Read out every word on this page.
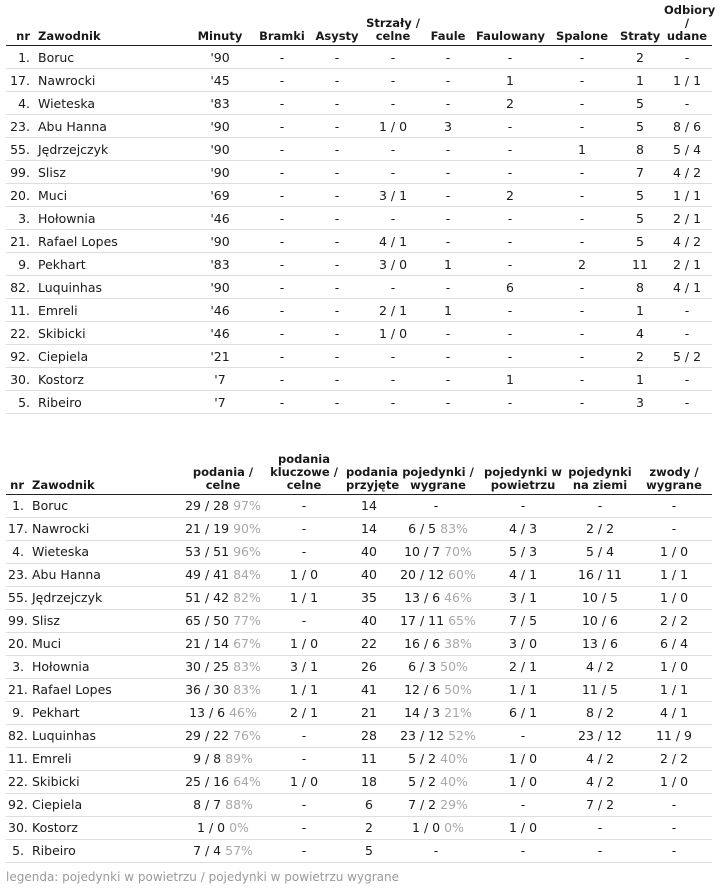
nr	Zawodnik	Minuty	Bramki	Asysty	Strzały / celne	Faule	Faulowany	Spalone	Straty	Odbiory / udane
1.	Boruc	'90	-	-	-	-	-	-	2	-
17.	Nawrocki	'45	-	-	-	-	1	-	1	1 / 1
4.	Wieteska	'83	-	-	-	-	2	-	5	-
23.	Abu Hanna	'90	-	-	1 / 0	3	-	-	5	8 / 6
55.	Jędrzejczyk	'90	-	-	-	-	-	1	8	5 / 4
99.	Slisz	'90	-	-	-	-	-	-	7	4 / 2
20.	Muci	'69	-	-	3 / 1	-	2	-	5	1 / 1
3.	Hołownia	'46	-	-	-	-	-	-	5	2 / 1
21.	Rafael Lopes	'90	-	-	4 / 1	-	-	-	5	4 / 2
9.	Pekhart	'83	-	-	3 / 0	1	-	2	11	2 / 1
82.	Luquinhas	'90	-	-	-	-	6	-	8	4 / 1
11.	Emreli	'46	-	-	2 / 1	1	-	-	1	-
22.	Skibicki	'46	-	-	1 / 0	-	-	-	4	-
92.	Ciepiela	'21	-	-	-	-	-	-	2	5 / 2
30.	Kostorz	'7	-	-	-	-	1	-	1	-
5.	Ribeiro	'7	-	-	-	-	-	-	3	-
nr	Zawodnik	podania / celne	podania kluczowe / celne	podania przyjęte	pojedynki / wygrane	pojedynki w powietrzu	pojedynki na ziemi	zwody / wygrane
1.	Boruc	29 / 28 97%	-	14	-	-	-	-
17.	Nawrocki	21 / 19 90%	-	14	6 / 5 83%	4 / 3	2 / 2	-
4.	Wieteska	53 / 51 96%	-	40	10 / 7 70%	5 / 3	5 / 4	1 / 0
23.	Abu Hanna	49 / 41 84%	1 / 0	40	20 / 12 60%	4 / 1	16 / 11	1 / 1
55.	Jędrzejczyk	51 / 42 82%	1 / 1	35	13 / 6 46%	3 / 1	10 / 5	1 / 0
99.	Slisz	65 / 50 77%	-	40	17 / 11 65%	7 / 5	10 / 6	2 / 2
20.	Muci	21 / 14 67%	1 / 0	22	16 / 6 38%	3 / 0	13 / 6	6 / 4
3.	Hołownia	30 / 25 83%	3 / 1	26	6 / 3 50%	2 / 1	4 / 2	1 / 0
21.	Rafael Lopes	36 / 30 83%	1 / 1	41	12 / 6 50%	1 / 1	11 / 5	1 / 1
9.	Pekhart	13 / 6 46%	2 / 1	21	14 / 3 21%	6 / 1	8 / 2	4 / 1
82.	Luquinhas	29 / 22 76%	-	28	23 / 12 52%	-	23 / 12	11 / 9
11.	Emreli	9 / 8 89%	-	11	5 / 2 40%	1 / 0	4 / 2	2 / 2
22.	Skibicki	25 / 16 64%	1 / 0	18	5 / 2 40%	1 / 0	4 / 2	1 / 0
92.	Ciepiela	8 / 7 88%	-	6	7 / 2 29%	-	7 / 2	-
30.	Kostorz	1 / 0 0%	-	2	1 / 0 0%	1 / 0	-	-
5.	Ribeiro	7 / 4 57%	-	5	-	-	-	-
legenda: pojedynki w powietrzu / pojedynki w powietrzu wygrane
